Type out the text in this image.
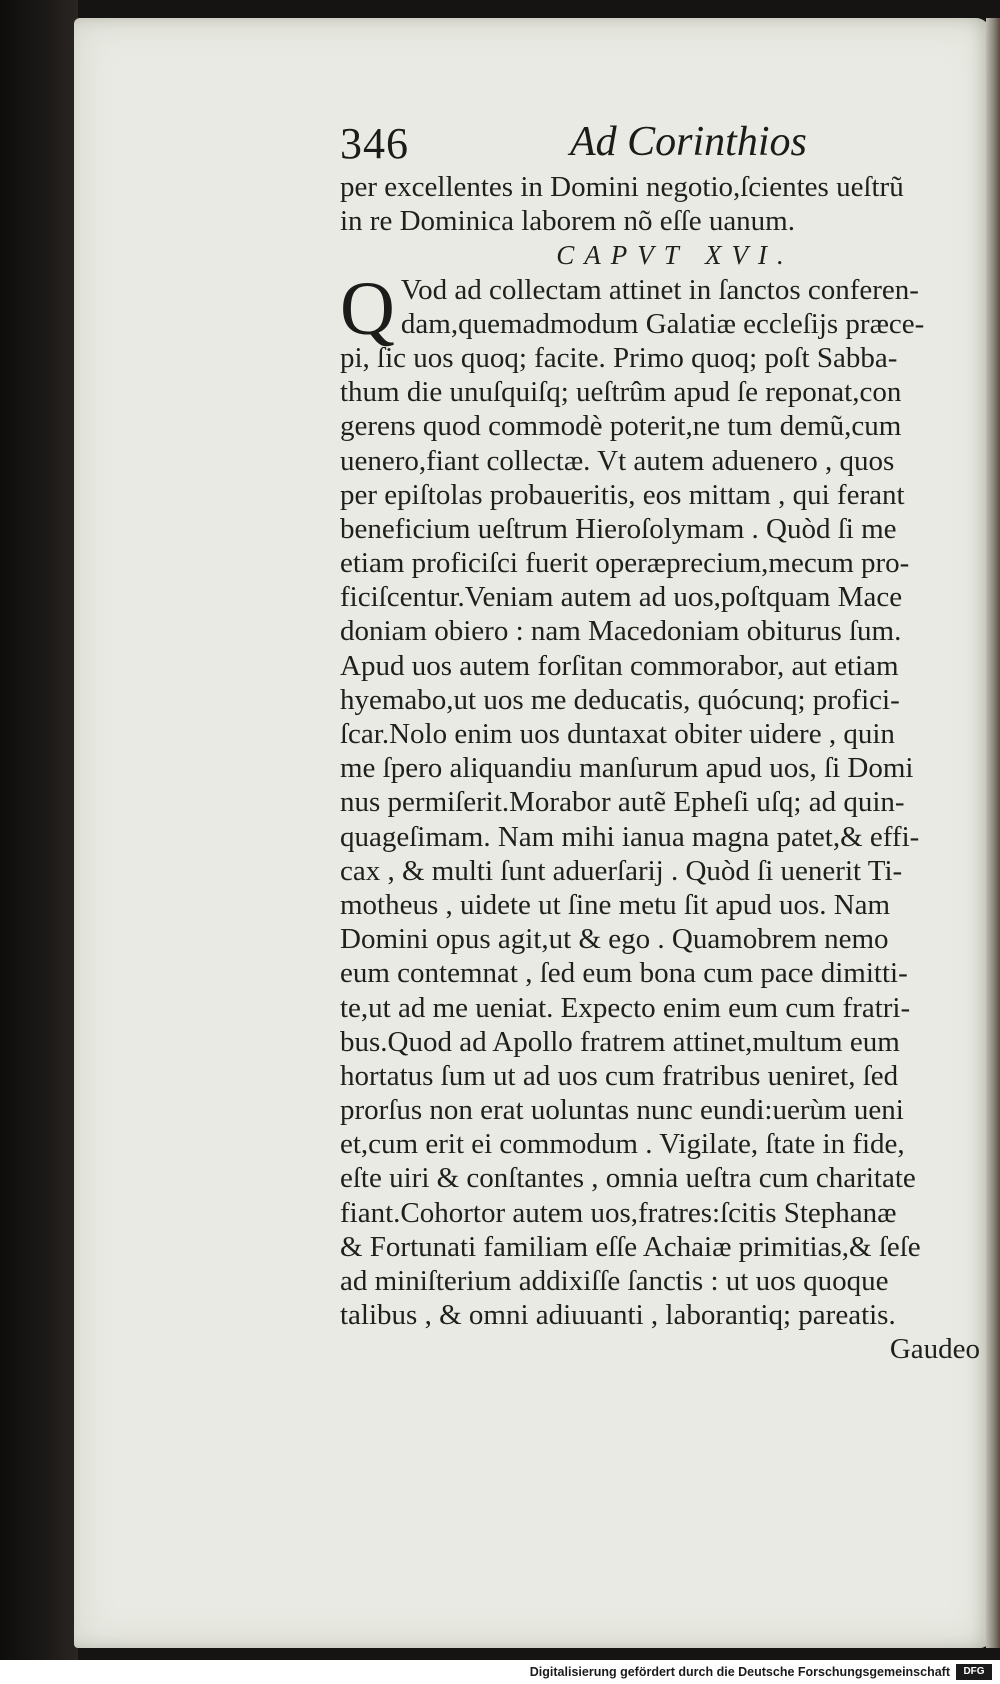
346	Ad Corinthios
per excellentes in Domini negotio,ſcientes ueſtrũ
in re Dominica laborem nõ eſſe uanum.
CAPVT XVI.
Q Vod ad collectam attinet in ſanctos conferen-
dam,quemadmodum Galatiæ eccleſijs præce-
pi, ſic uos quoq; facite. Primo quoq; poſt Sabba-
thum die unuſquiſq; ueſtrûm apud ſe reponat,con
gerens quod commodè poterit,ne tum demũ,cum
uenero,fiant collectæ. Vt autem aduenero , quos
per epiſtolas probaueritis, eos mittam , qui ferant
beneficium ueſtrum Hieroſolymam . Quòd ſi me
etiam proficiſci fuerit operæprecium,mecum pro-
ficiſcentur.Veniam autem ad uos,poſtquam Mace
doniam obiero : nam Macedoniam obiturus ſum.
Apud uos autem forſitan commorabor, aut etiam
hyemabo,ut uos me deducatis, quócunq; profici-
ſcar.Nolo enim uos duntaxat obiter uidere , quin
me ſpero aliquandiu manſurum apud uos, ſi Domi
nus permiſerit.Morabor autẽ Epheſi uſq; ad quin-
quageſimam. Nam mihi ianua magna patet,& effi-
cax , & multi ſunt aduerſarij . Quòd ſi uenerit Ti-
motheus , uidete ut ſine metu ſit apud uos. Nam
Domini opus agit,ut & ego . Quamobrem nemo
eum contemnat , ſed eum bona cum pace dimitti-
te,ut ad me ueniat. Expecto enim eum cum fratri-
bus.Quod ad Apollo fratrem attinet,multum eum
hortatus ſum ut ad uos cum fratribus ueniret, ſed
prorſus non erat uoluntas nunc eundi:uerùm ueni
et,cum erit ei commodum . Vigilate, ſtate in fide,
eſte uiri & conſtantes , omnia ueſtra cum charitate
fiant.Cohortor autem uos,fratres:ſcitis Stephanæ
& Fortunati familiam eſſe Achaiæ primitias,& ſeſe
ad miniſterium addixiſſe ſanctis : ut uos quoque
talibus , & omni adiuuanti , laborantiq; pareatis.
Gaudeo
Digitalisierung gefördert durch die Deutsche Forschungsgemeinschaft	DFG
